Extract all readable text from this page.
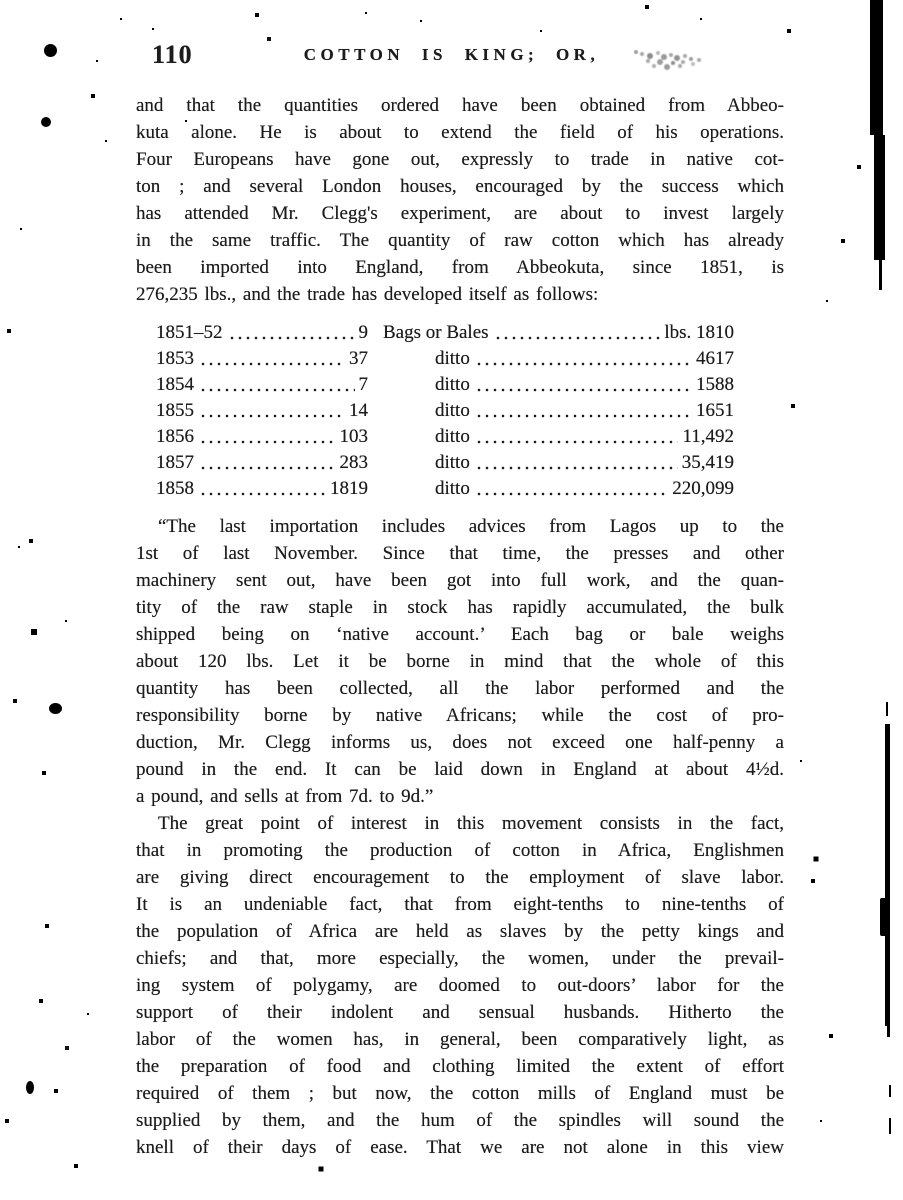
110	COTTON IS KING; OR,
and that the quantities ordered have been obtained from Abbeo-
kuta alone. He is about to extend the field of his operations.
Four Europeans have gone out, expressly to trade in native cot-
ton ; and several London houses, encouraged by the success which
has attended Mr. Clegg's experiment, are about to invest largely
in the same traffic. The quantity of raw cotton which has already
been imported into England, from Abbeokuta, since 1851, is
276,235 lbs., and the trade has developed itself as follows:
1851–52	9 Bags or Bales	lbs. 1810
1853	37	ditto	4617
1854	7	ditto	1588
1855	14	ditto	1651
1856	103	ditto	11,492
1857	283	ditto	35,419
1858	1819	ditto	220,099
“The last importation includes advices from Lagos up to the
1st of last November. Since that time, the presses and other
machinery sent out, have been got into full work, and the quan-
tity of the raw staple in stock has rapidly accumulated, the bulk
shipped being on ‘native account.’ Each bag or bale weighs
about 120 lbs. Let it be borne in mind that the whole of this
quantity has been collected, all the labor performed and the
responsibility borne by native Africans; while the cost of pro-
duction, Mr. Clegg informs us, does not exceed one half-penny a
pound in the end. It can be laid down in England at about 4½d.
a pound, and sells at from 7d. to 9d.”
The great point of interest in this movement consists in the fact,
that in promoting the production of cotton in Africa, Englishmen
are giving direct encouragement to the employment of slave labor.
It is an undeniable fact, that from eight-tenths to nine-tenths of
the population of Africa are held as slaves by the petty kings and
chiefs; and that, more especially, the women, under the prevail-
ing system of polygamy, are doomed to out-doors’ labor for the
support of their indolent and sensual husbands. Hitherto the
labor of the women has, in general, been comparatively light, as
the preparation of food and clothing limited the extent of effort
required of them ; but now, the cotton mills of England must be
supplied by them, and the hum of the spindles will sound the
knell of their days of ease. That we are not alone in this view
